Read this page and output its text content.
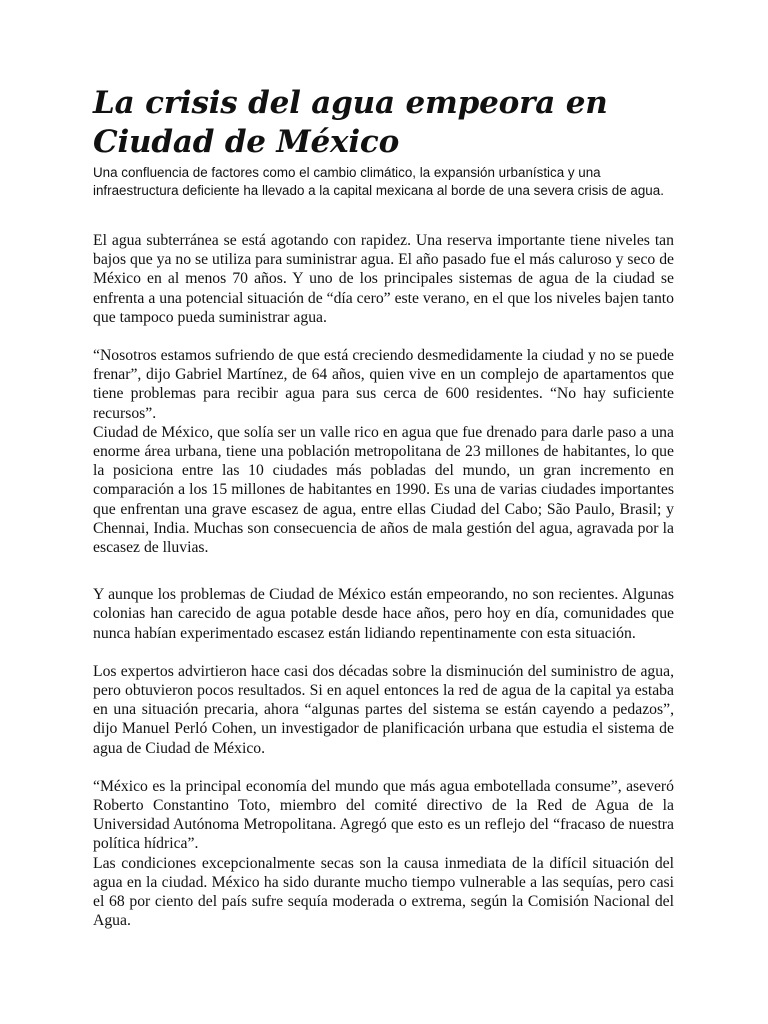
La crisis del agua empeora en Ciudad de México
Una confluencia de factores como el cambio climático, la expansión urbanística y una infraestructura deficiente ha llevado a la capital mexicana al borde de una severa crisis de agua.

El agua subterránea se está agotando con rapidez. Una reserva importante tiene niveles tan bajos que ya no se utiliza para suministrar agua. El año pasado fue el más caluroso y seco de México en al menos 70 años. Y uno de los principales sistemas de agua de la ciudad se enfrenta a una potencial situación de “día cero” este verano, en el que los niveles bajen tanto que tampoco pueda suministrar agua.

“Nosotros estamos sufriendo de que está creciendo desmedidamente la ciudad y no se puede frenar”, dijo Gabriel Martínez, de 64 años, quien vive en un complejo de apartamentos que tiene problemas para recibir agua para sus cerca de 600 residentes. “No hay suficiente recursos”.

Ciudad de México, que solía ser un valle rico en agua que fue drenado para darle paso a una enorme área urbana, tiene una población metropolitana de 23 millones de habitantes, lo que la posiciona entre las 10 ciudades más pobladas del mundo, un gran incremento en comparación a los 15 millones de habitantes en 1990. Es una de varias ciudades importantes que enfrentan una grave escasez de agua, entre ellas Ciudad del Cabo; São Paulo, Brasil; y Chennai, India. Muchas son consecuencia de años de mala gestión del agua, agravada por la escasez de lluvias.

Y aunque los problemas de Ciudad de México están empeorando, no son recientes. Algunas colonias han carecido de agua potable desde hace años, pero hoy en día, comunidades que nunca habían experimentado escasez están lidiando repentinamente con esta situación.

Los expertos advirtieron hace casi dos décadas sobre la disminución del suministro de agua, pero obtuvieron pocos resultados. Si en aquel entonces la red de agua de la capital ya estaba en una situación precaria, ahora “algunas partes del sistema se están cayendo a pedazos”, dijo Manuel Perló Cohen, un investigador de planificación urbana que estudia el sistema de agua de Ciudad de México.

“México es la principal economía del mundo que más agua embotellada consume”, aseveró Roberto Constantino Toto, miembro del comité directivo de la Red de Agua de la Universidad Autónoma Metropolitana. Agregó que esto es un reflejo del “fracaso de nuestra política hídrica”.

Las condiciones excepcionalmente secas son la causa inmediata de la difícil situación del agua en la ciudad. México ha sido durante mucho tiempo vulnerable a las sequías, pero casi el 68 por ciento del país sufre sequía moderada o extrema, según la Comisión Nacional del Agua.
